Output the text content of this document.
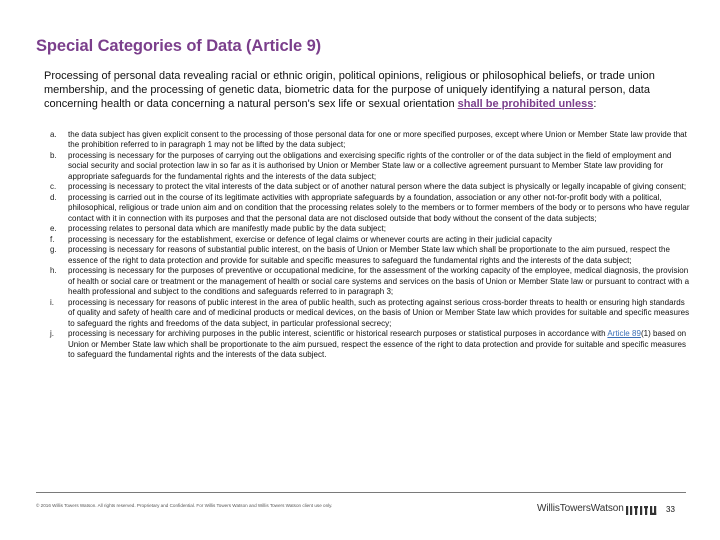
Special Categories of Data (Article 9)
Processing of personal data revealing racial or ethnic origin, political opinions, religious or philosophical beliefs, or trade union membership, and the processing of genetic data, biometric data for the purpose of uniquely identifying a natural person, data concerning health or data concerning a natural person's sex life or sexual orientation shall be prohibited unless:
a.	the data subject has given explicit consent to the processing of those personal data for one or more specified purposes, except where Union or Member State law provide that the prohibition referred to in paragraph 1 may not be lifted by the data subject;
b.	processing is necessary for the purposes of carrying out the obligations and exercising specific rights of the controller or of the data subject in the field of employment and social security and social protection law in so far as it is authorised by Union or Member State law or a collective agreement pursuant to Member State law providing for appropriate safeguards for the fundamental rights and the interests of the data subject;
c.	processing is necessary to protect the vital interests of the data subject or of another natural person where the data subject is physically or legally incapable of giving consent;
d.	processing is carried out in the course of its legitimate activities with appropriate safeguards by a foundation, association or any other not-for-profit body with a political, philosophical, religious or trade union aim and on condition that the processing relates solely to the members or to former members of the body or to persons who have regular contact with it in connection with its purposes and that the personal data are not disclosed outside that body without the consent of the data subjects;
e.	processing relates to personal data which are manifestly made public by the data subject;
f.	processing is necessary for the establishment, exercise or defence of legal claims or whenever courts are acting in their judicial capacity
g.	processing is necessary for reasons of substantial public interest, on the basis of Union or Member State law which shall be proportionate to the aim pursued, respect the essence of the right to data protection and provide for suitable and specific measures to safeguard the fundamental rights and the interests of the data subject;
h.	processing is necessary for the purposes of preventive or occupational medicine, for the assessment of the working capacity of the employee, medical diagnosis, the provision of health or social care or treatment or the management of health or social care systems and services on the basis of Union or Member State law or pursuant to contract with a health professional and subject to the conditions and safeguards referred to in paragraph 3;
i.	processing is necessary for reasons of public interest in the area of public health, such as protecting against serious cross-border threats to health or ensuring high standards of quality and safety of health care and of medicinal products or medical devices, on the basis of Union or Member State law which provides for suitable and specific measures to safeguard the rights and freedoms of the data subject, in particular professional secrecy;
j.	processing is necessary for archiving purposes in the public interest, scientific or historical research purposes or statistical purposes in accordance with Article 89(1) based on Union or Member State law which shall be proportionate to the aim pursued, respect the essence of the right to data protection and provide for suitable and specific measures to safeguard the fundamental rights and the interests of the data subject.
© 2016 Willis Towers Watson. All rights reserved. Proprietary and Confidential. For Willis Towers Watson and Willis Towers Watson client use only.	WillisTowersWatson	33
